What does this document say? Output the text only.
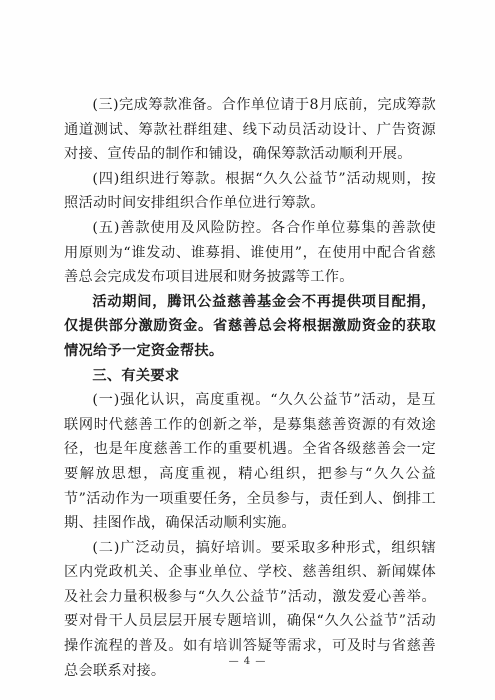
(三)完成筹款准备。合作单位请于8月底前，完成筹款通道测试、筹款社群组建、线下动员活动设计、广告资源对接、宣传品的制作和铺设，确保筹款活动顺利开展。

(四)组织进行筹款。根据“久久公益节”活动规则，按照活动时间安排组织合作单位进行筹款。

(五)善款使用及风险防控。各合作单位募集的善款使用原则为“谁发动、谁募捐、谁使用”，在使用中配合省慈善总会完成发布项目进展和财务披露等工作。

活动期间，腾讯公益慈善基金会不再提供项目配捐，仅提供部分激励资金。省慈善总会将根据激励资金的获取情况给予一定资金帮扶。

三、有关要求

(一)强化认识，高度重视。“久久公益节”活动，是互联网时代慈善工作的创新之举，是募集慈善资源的有效途径，也是年度慈善工作的重要机遇。全省各级慈善会一定要解放思想，高度重视，精心组织，把参与“久久公益节”活动作为一项重要任务，全员参与，责任到人、倒排工期、挂图作战，确保活动顺利实施。

(二)广泛动员，搞好培训。要采取多种形式，组织辖区内党政机关、企事业单位、学校、慈善组织、新闻媒体及社会力量积极参与“久久公益节”活动，激发爱心善举。要对骨干人员层层开展专题培训，确保“久久公益节”活动操作流程的普及。如有培训答疑等需求，可及时与省慈善总会联系对接。

— 4 —
